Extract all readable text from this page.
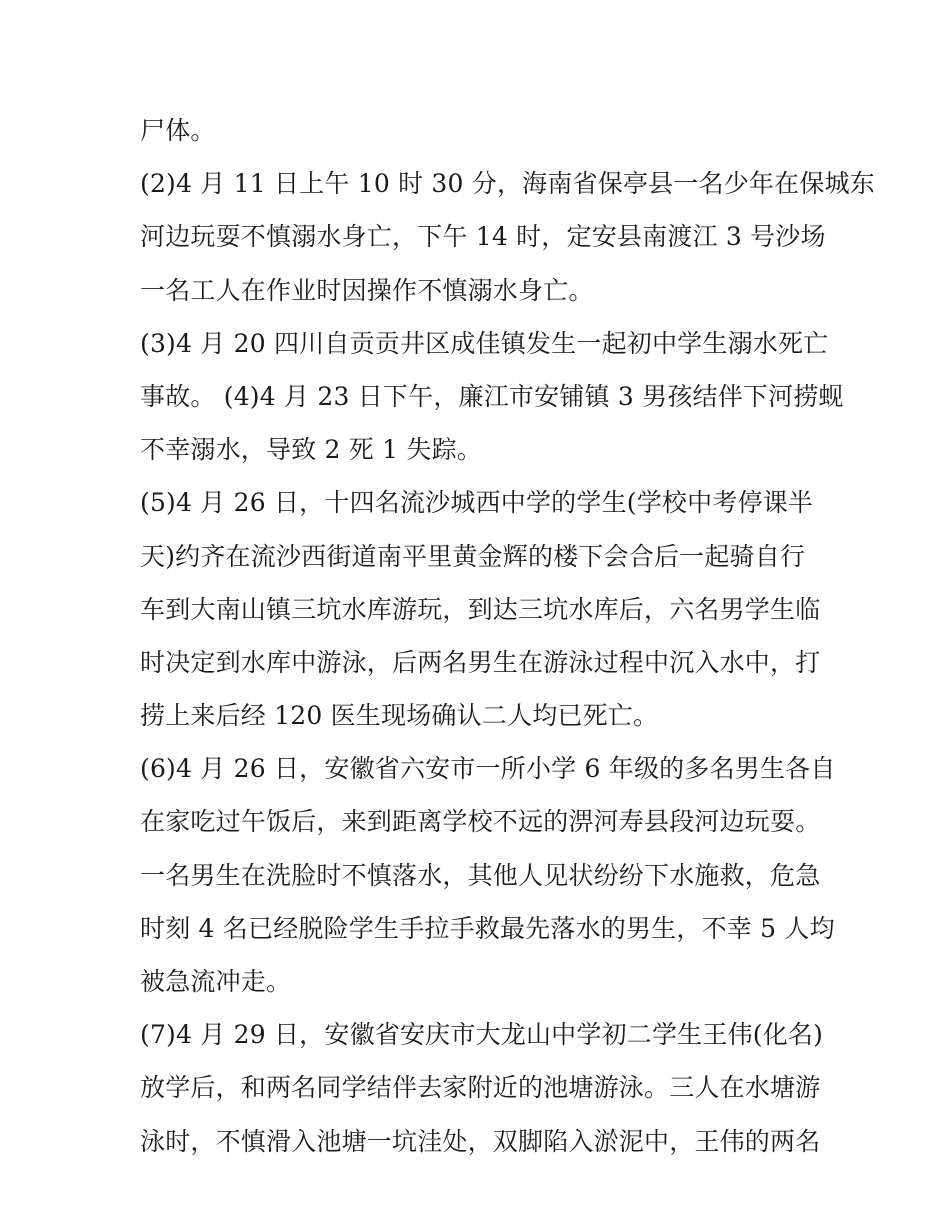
尸体。
(2)4 月 11 日上午 10 时 30 分，海南省保亭县一名少年在保城东
河边玩耍不慎溺水身亡，下午 14 时，定安县南渡江 3 号沙场
一名工人在作业时因操作不慎溺水身亡。
(3)4 月 20 四川自贡贡井区成佳镇发生一起初中学生溺水死亡
事故。 (4)4 月 23 日下午，廉江市安铺镇 3 男孩结伴下河捞蚬
不幸溺水，导致 2 死 1 失踪。
(5)4 月 26 日，十四名流沙城西中学的学生(学校中考停课半
天)约齐在流沙西街道南平里黄金辉的楼下会合后一起骑自行
车到大南山镇三坑水库游玩，到达三坑水库后，六名男学生临
时决定到水库中游泳，后两名男生在游泳过程中沉入水中，打
捞上来后经 120 医生现场确认二人均已死亡。
(6)4 月 26 日，安徽省六安市一所小学 6 年级的多名男生各自
在家吃过午饭后，来到距离学校不远的淠河寿县段河边玩耍。
一名男生在洗脸时不慎落水，其他人见状纷纷下水施救，危急
时刻 4 名已经脱险学生手拉手救最先落水的男生，不幸 5 人均
被急流冲走。
(7)4 月 29 日，安徽省安庆市大龙山中学初二学生王伟(化名)
放学后，和两名同学结伴去家附近的池塘游泳。三人在水塘游
泳时，不慎滑入池塘一坑洼处，双脚陷入淤泥中，王伟的两名
